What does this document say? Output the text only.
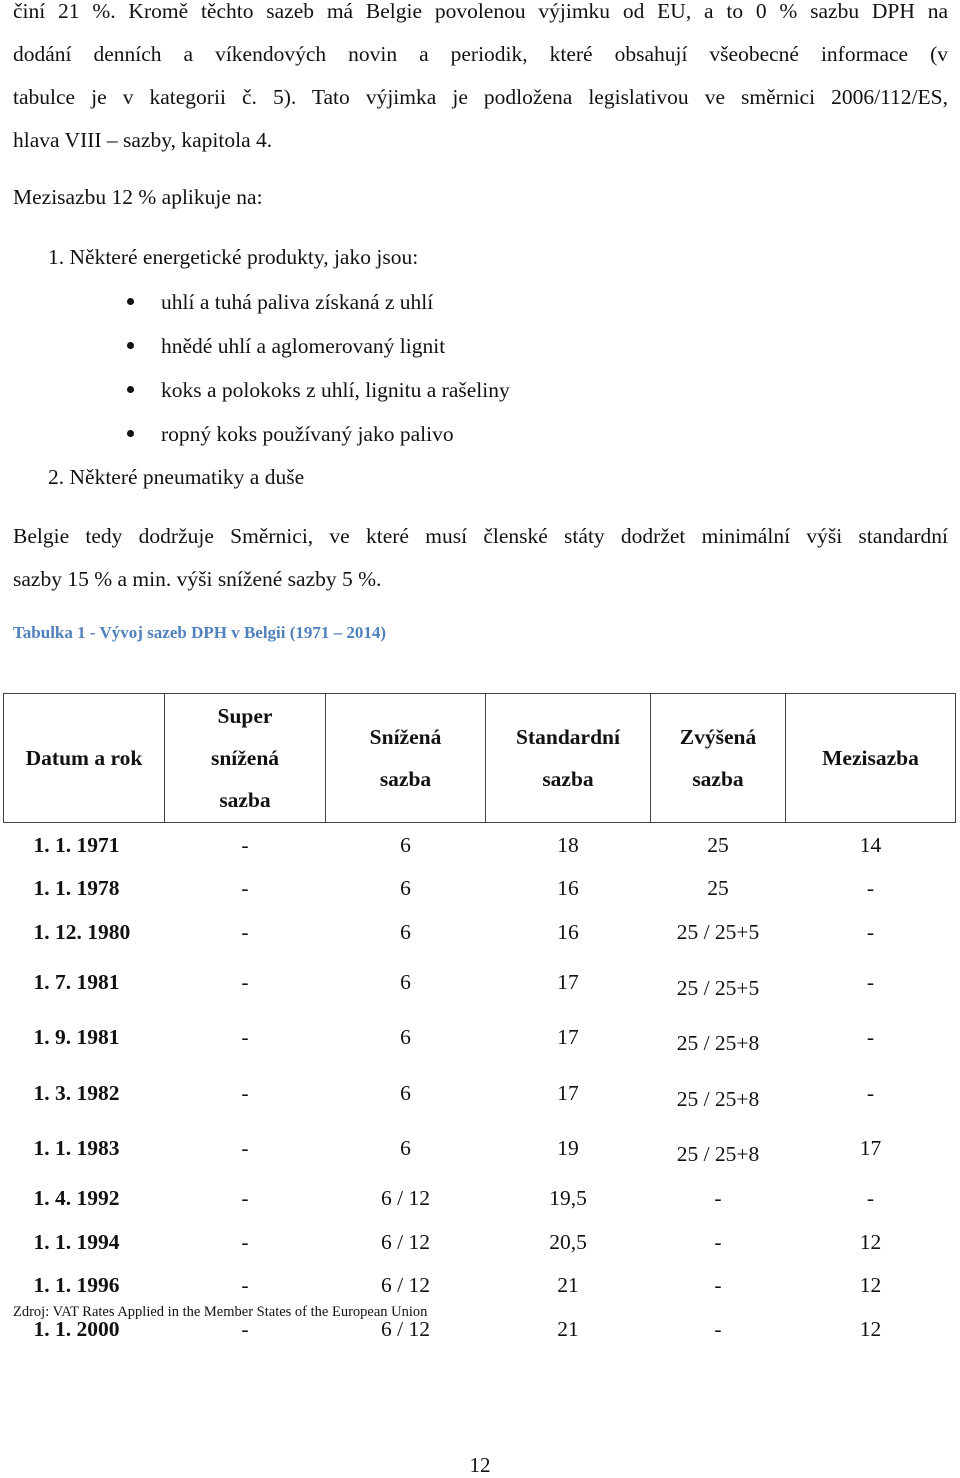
činí 21 %. Kromě těchto sazeb má Belgie povolenou výjimku od EU, a to 0 % sazbu DPH na
dodání denních a víkendových novin a periodik, které obsahují všeobecné informace (v
tabulce je v kategorii č. 5). Tato výjimka je podložena legislativou ve směrnici 2006/112/ES,
hlava VIII – sazby, kapitola 4.
Mezisazbu 12 % aplikuje na:
1. Některé energetické produkty, jako jsou:
uhlí a tuhá paliva získaná z uhlí
hnědé uhlí a aglomerovaný lignit
koks a polokoks z uhlí, lignitu a rašeliny
ropný koks používaný jako palivo
2. Některé pneumatiky a duše
Belgie tedy dodržuje Směrnici, ve které musí členské státy dodržet minimální výši standardní
sazby 15 % a min. výši snížené sazby 5 %.
Tabulka 1 - Vývoj sazeb DPH v Belgii (1971 – 2014)
Datum a rok	Super snížená sazba	Snížená sazba	Standardní sazba	Zvýšená sazba	Mezisazba
1. 1. 1971	-	6	18	25	14
1. 1. 1978	-	6	16	25	-
1. 12. 1980	-	6	16	25 / 25+5	-
1. 7. 1981	-	6	17	25 / 25+5	-
1. 9. 1981	-	6	17	25 / 25+8	-
1. 3. 1982	-	6	17	25 / 25+8	-
1. 1. 1983	-	6	19	25 / 25+8	17
1. 4. 1992	-	6 / 12	19,5	-	-
1. 1. 1994	-	6 / 12	20,5	-	12
1. 1. 1996	-	6 / 12	21	-	12
1. 1. 2000	-	6 / 12	21	-	12
Zdroj: VAT Rates Applied in the Member States of the European Union
12
